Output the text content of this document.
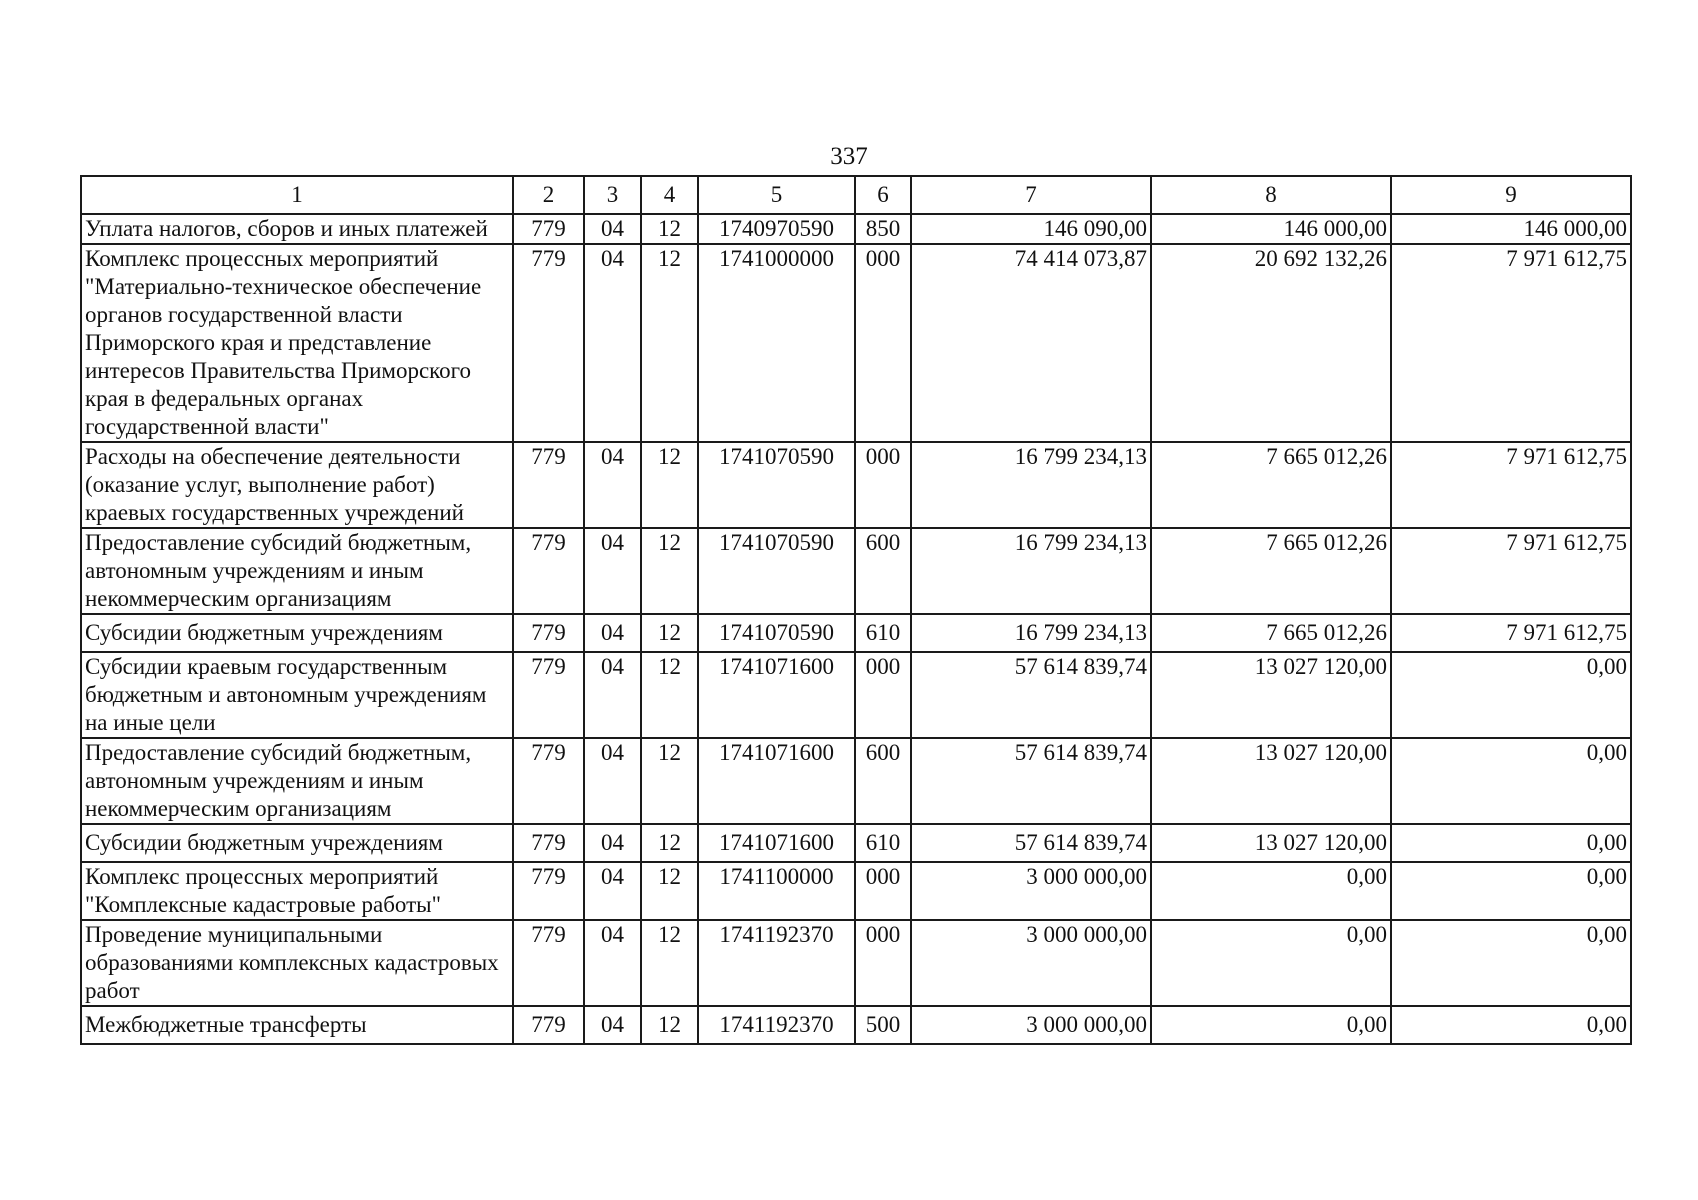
337
1	2	3	4	5	6	7	8	9
Уплата налогов, сборов и иных платежей	779	04	12	1740970590	850	146 090,00	146 000,00	146 000,00
Комплекс процессных мероприятий "Материально-техническое обеспечение органов государственной власти Приморского края и представление интересов Правительства Приморского края в федеральных органах государственной власти"	779	04	12	1741000000	000	74 414 073,87	20 692 132,26	7 971 612,75
Расходы на обеспечение деятельности (оказание услуг, выполнение работ) краевых государственных учреждений	779	04	12	1741070590	000	16 799 234,13	7 665 012,26	7 971 612,75
Предоставление субсидий бюджетным, автономным учреждениям и иным некоммерческим организациям	779	04	12	1741070590	600	16 799 234,13	7 665 012,26	7 971 612,75
Субсидии бюджетным учреждениям	779	04	12	1741070590	610	16 799 234,13	7 665 012,26	7 971 612,75
Субсидии краевым государственным бюджетным и автономным учреждениям на иные цели	779	04	12	1741071600	000	57 614 839,74	13 027 120,00	0,00
Предоставление субсидий бюджетным, автономным учреждениям и иным некоммерческим организациям	779	04	12	1741071600	600	57 614 839,74	13 027 120,00	0,00
Субсидии бюджетным учреждениям	779	04	12	1741071600	610	57 614 839,74	13 027 120,00	0,00
Комплекс процессных мероприятий "Комплексные кадастровые работы"	779	04	12	1741100000	000	3 000 000,00	0,00	0,00
Проведение муниципальными образованиями комплексных кадастровых работ	779	04	12	1741192370	000	3 000 000,00	0,00	0,00
Межбюджетные трансферты	779	04	12	1741192370	500	3 000 000,00	0,00	0,00
